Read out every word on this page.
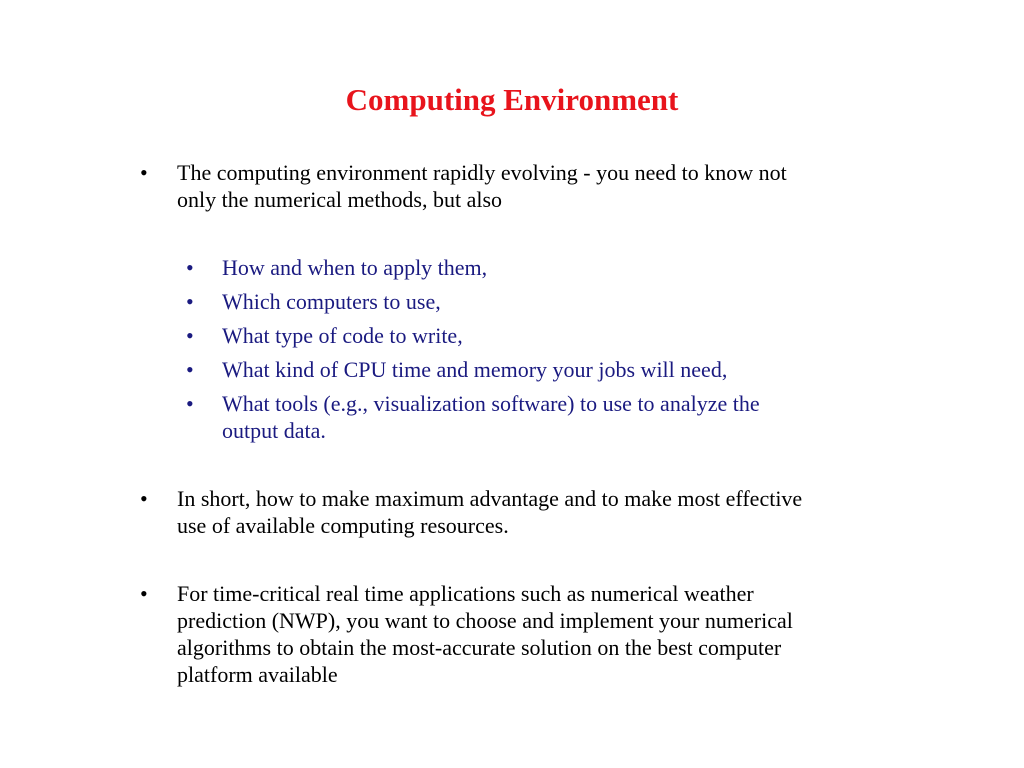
Computing Environment
• The computing environment rapidly evolving - you need to know not
only the numerical methods, but also
• How and when to apply them,
• Which computers to use,
• What type of code to write,
• What kind of CPU time and memory your jobs will need,
• What tools (e.g., visualization software) to use to analyze the
output data.
• In short, how to make maximum advantage and to make most effective
use of available computing resources.
• For time-critical real time applications such as numerical weather
prediction (NWP), you want to choose and implement your numerical
algorithms to obtain the most-accurate solution on the best computer
platform available
